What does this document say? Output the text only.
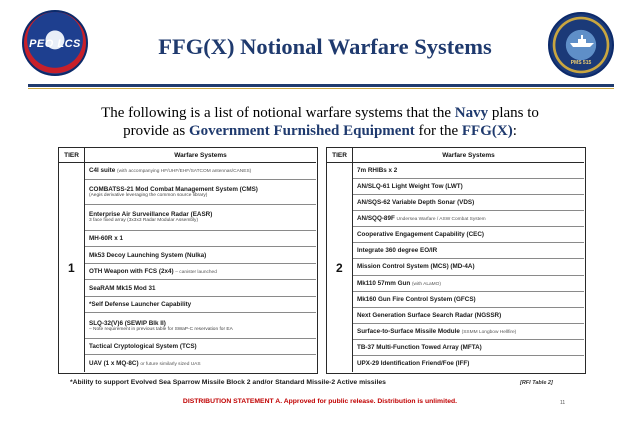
PEO LCS	FFG(X) Notional Warfare Systems
PMS 515
The following is a list of notional warfare systems that the Navy plans to
provide as Government Furnished Equipment for the FFG(X):
TIER	Warfare Systems
1
C4I suite (with accompanying HF/UHF/EHF/SATCOM antennas/CANES)
COMBATSS-21 Mod Combat Management System (CMS)
(Aegis derivative leveraging the common source library)
Enterprise Air Surveillance Radar (EASR)
3 face fixed array (3x3x3 Radar Modular Assembly)
MH-60R x 1
Mk53 Decoy Launching System (Nulka)
OTH Weapon with FCS (2x4) – canister launched
SeaRAM Mk15 Mod 31
*Self Defense Launcher Capability
SLQ-32(V)6 (SEWIP Blk II)
– Note requirement in previous table for SWaP-C reservation for EA
Tactical Cryptological System (TCS)
UAV (1 x MQ-8C) or future similarly sized UAS
TIER	Warfare Systems
2
7m RHIBs x 2
AN/SLQ-61 Light Weight Tow (LWT)
AN/SQS-62 Variable Depth Sonar (VDS)
AN/SQQ-89F Undersea Warfare / ASW Combat System
Cooperative Engagement Capability (CEC)
Integrate 360 degree EO/IR
Mission Control System (MCS) (MD-4A)
Mk110 57mm Gun (with ALaMO)
Mk160 Gun Fire Control System (GFCS)
Next Generation Surface Search Radar (NGSSR)
Surface-to-Surface Missile Module (SSMM Longbow Hellfire)
TB-37 Multi-Function Towed Array (MFTA)
UPX-29 Identification Friend/Foe (IFF)
*Ability to support Evolved Sea Sparrow Missile Block 2 and/or Standard Missile-2 Active missiles	[RFI Table 2]
DISTRIBUTION STATEMENT A. Approved for public release. Distribution is unlimited.	11
